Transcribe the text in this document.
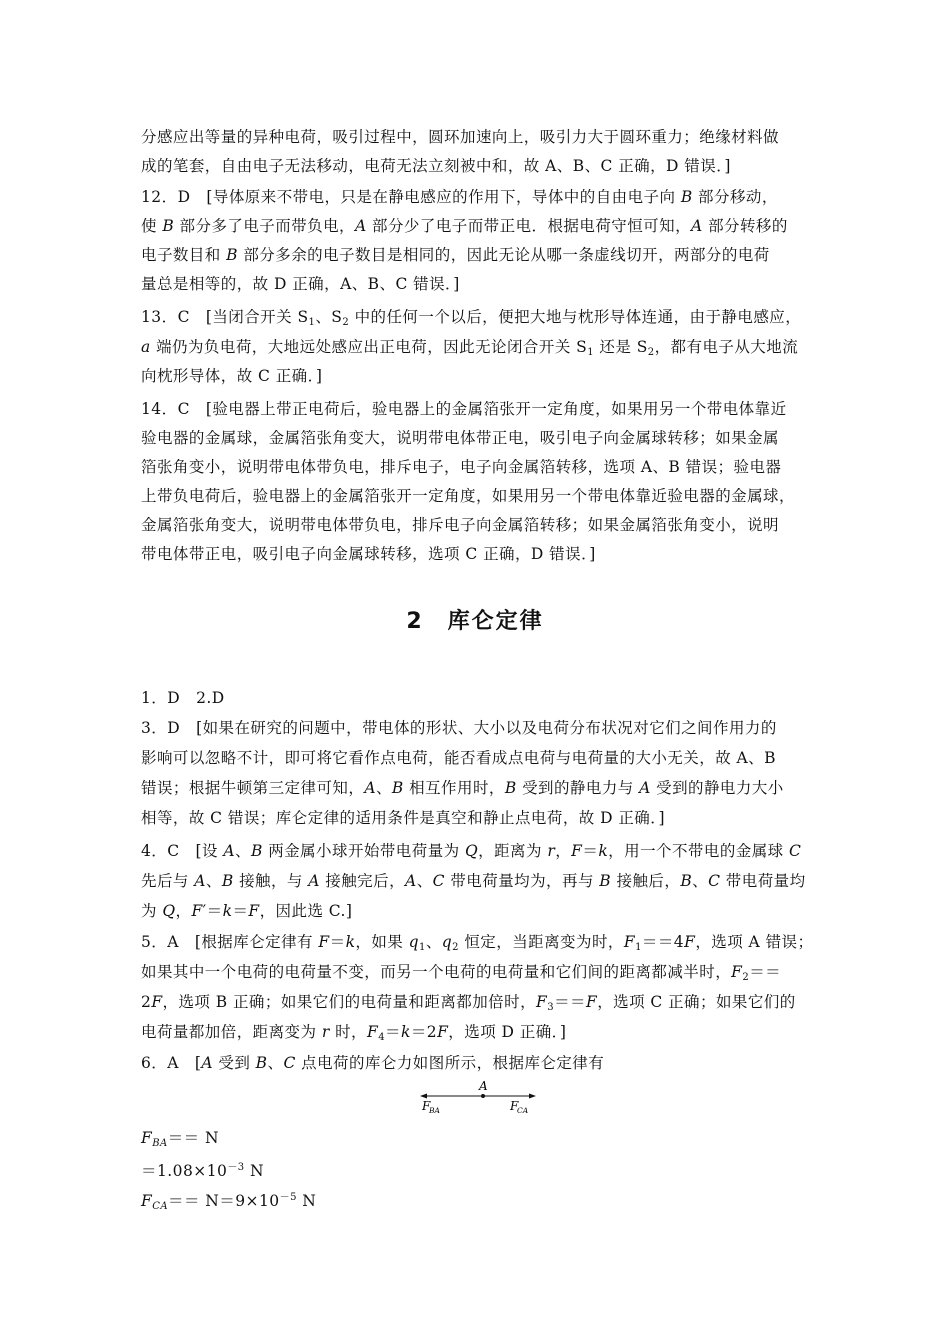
分感应出等量的异种电荷，吸引过程中，圆环加速向上，吸引力大于圆环重力；绝缘材料做
成的笔套，自由电子无法移动，电荷无法立刻被中和，故 A、B、C 正确，D 错误．]
12．D　[导体原来不带电，只是在静电感应的作用下，导体中的自由电子向 B 部分移动，
使 B 部分多了电子而带负电，A 部分少了电子而带正电．根据电荷守恒可知，A 部分转移的
电子数目和 B 部分多余的电子数目是相同的，因此无论从哪一条虚线切开，两部分的电荷
量总是相等的，故 D 正确，A、B、C 错误．]
13．C　[当闭合开关 $S_1$、$S_2$ 中的任何一个以后，便把大地与枕形导体连通，由于静电感应，
a 端仍为负电荷，大地远处感应出正电荷，因此无论闭合开关 $S_1$ 还是 $S_2$，都有电子从大地流
向枕形导体，故 C 正确．]
14．C　[验电器上带正电荷后，验电器上的金属箔张开一定角度，如果用另一个带电体靠近
验电器的金属球，金属箔张角变大，说明带电体带正电，吸引电子向金属球转移；如果金属
箔张角变小，说明带电体带负电，排斥电子，电子向金属箔转移，选项 A、B 错误；验电器
上带负电荷后，验电器上的金属箔张开一定角度，如果用另一个带电体靠近验电器的金属球，
金属箔张角变大，说明带电体带负电，排斥电子向金属箔转移；如果金属箔张角变小，说明
带电体带正电，吸引电子向金属球转移，选项 C 正确，D 错误．]
2　库仑定律
1．D　2.D
3．D　[如果在研究的问题中，带电体的形状、大小以及电荷分布状况对它们之间作用力的
影响可以忽略不计，即可将它看作点电荷，能否看成点电荷与电荷量的大小无关，故 A、B
错误；根据牛顿第三定律可知，A、B 相互作用时，B 受到的静电力与 A 受到的静电力大小
相等，故 C 错误；库仑定律的适用条件是真空和静止点电荷，故 D 正确．]
4．C　[设 A、B 两金属小球开始带电荷量为 Q，距离为 r，F＝k，用一个不带电的金属球 C
先后与 A、B 接触，与 A 接触完后，A、C 带电荷量均为，再与 B 接触后，B、C 带电荷量均
为 Q，F′＝k＝F，因此选 C.]
5．A　[根据库仑定律有 F＝k，如果 $q_1$、$q_2$ 恒定，当距离变为时，$F_1==4F$，选项 A 错误；
如果其中一个电荷的电荷量不变，而另一个电荷的电荷量和它们间的距离都减半时，$F_2==$
2F，选项 B 正确；如果它们的电荷量和距离都加倍时，$F_3==F$，选项 C 正确；如果它们的
电荷量都加倍，距离变为 r 时，$F_4=k=2F$，选项 D 正确．]
6．A　[A 受到 B、C 点电荷的库仑力如图所示，根据库仑定律有
A
F
BA	F
CA
$F_{BA}== N$
$=1.08\times 10^{-3}$ N
$F_{CA}== N=9\times 10^{-5}$ N
